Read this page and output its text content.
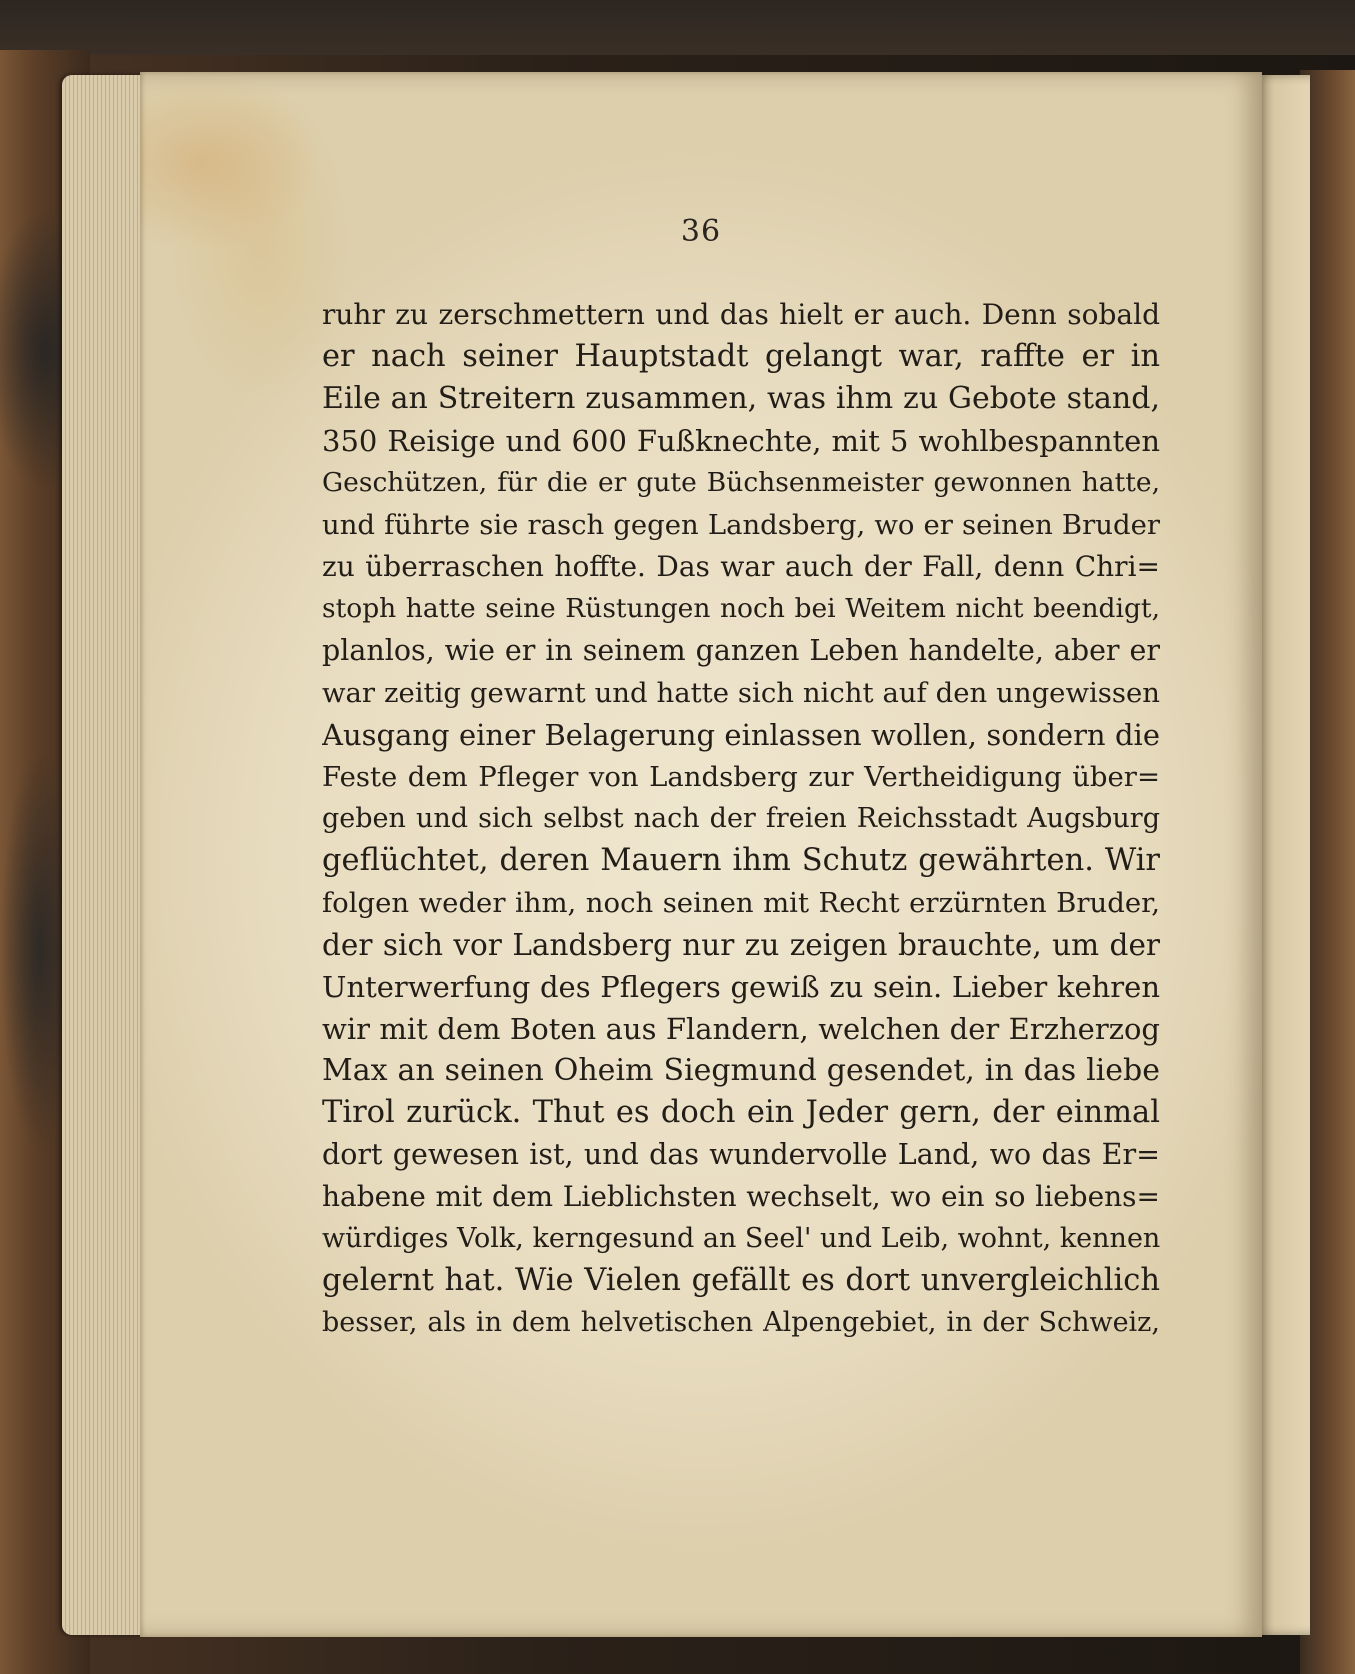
36
ruhr zu zerschmettern und das hielt er auch. Denn sobald
er nach seiner Hauptstadt gelangt war, raffte er in
Eile an Streitern zusammen, was ihm zu Gebote stand,
350 Reisige und 600 Fußknechte, mit 5 wohlbespannten
Geschützen, für die er gute Büchsenmeister gewonnen hatte,
und führte sie rasch gegen Landsberg, wo er seinen Bruder
zu überraschen hoffte. Das war auch der Fall, denn Chri=
stoph hatte seine Rüstungen noch bei Weitem nicht beendigt,
planlos, wie er in seinem ganzen Leben handelte, aber er
war zeitig gewarnt und hatte sich nicht auf den ungewissen
Ausgang einer Belagerung einlassen wollen, sondern die
Feste dem Pfleger von Landsberg zur Vertheidigung über=
geben und sich selbst nach der freien Reichsstadt Augsburg
geflüchtet, deren Mauern ihm Schutz gewährten. Wir
folgen weder ihm, noch seinen mit Recht erzürnten Bruder,
der sich vor Landsberg nur zu zeigen brauchte, um der
Unterwerfung des Pflegers gewiß zu sein. Lieber kehren
wir mit dem Boten aus Flandern, welchen der Erzherzog
Max an seinen Oheim Siegmund gesendet, in das liebe
Tirol zurück. Thut es doch ein Jeder gern, der einmal
dort gewesen ist, und das wundervolle Land, wo das Er=
habene mit dem Lieblichsten wechselt, wo ein so liebens=
würdiges Volk, kerngesund an Seel' und Leib, wohnt, kennen
gelernt hat. Wie Vielen gefällt es dort unvergleichlich
besser, als in dem helvetischen Alpengebiet, in der Schweiz,
